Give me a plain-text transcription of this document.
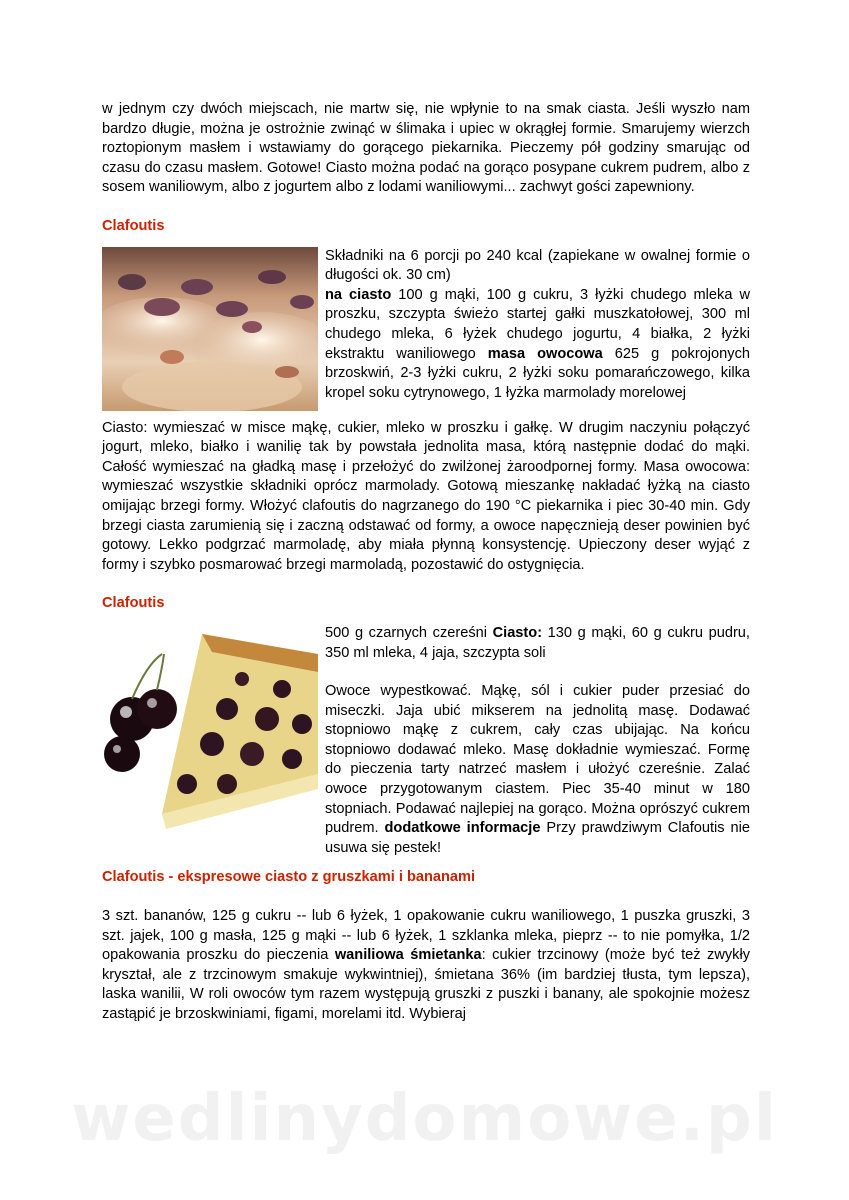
w jednym czy dwóch miejscach, nie martw się, nie wpłynie to na smak ciasta. Jeśli wyszło nam bardzo długie, można je ostrożnie zwinąć w ślimaka i upiec w okrągłej formie. Smarujemy wierzch roztopionym masłem i wstawiamy do gorącego piekarnika. Pieczemy pół godziny smarując od czasu do czasu masłem. Gotowe! Ciasto można podać na gorąco posypane cukrem pudrem, albo z sosem waniliowym, albo z jogurtem albo z lodami waniliowymi... zachwyt gości zapewniony.

Clafoutis

Składniki na 6 porcji po 240 kcal (zapiekane w owalnej formie o długości ok. 30 cm)

na ciasto 100 g mąki, 100 g cukru, 3 łyżki chudego mleka w proszku, szczypta świeżo startej gałki muszkatołowej, 300 ml chudego mleka, 6 łyżek chudego jogurtu, 4 białka, 2 łyżki ekstraktu waniliowego masa owocowa 625 g pokrojonych brzoskwiń, 2-3 łyżki cukru, 2 łyżki soku pomarańczowego, kilka kropel soku cytrynowego, 1 łyżka marmolady morelowej

Ciasto: wymieszać w misce mąkę, cukier, mleko w proszku i gałkę. W drugim naczyniu połączyć jogurt, mleko, białko i wanilię tak by powstała jednolita masa, którą następnie dodać do mąki. Całość wymieszać na gładką masę i przełożyć do zwilżonej żaroodpornej formy. Masa owocowa: wymieszać wszystkie składniki oprócz marmolady. Gotową mieszankę nakładać łyżką na ciasto omijając brzegi formy. Włożyć clafoutis do nagrzanego do 190 °C piekarnika i piec 30-40 min. Gdy brzegi ciasta zarumienią się i zaczną odstawać od formy, a owoce napęcznieją deser powinien być gotowy. Lekko podgrzać marmoladę, aby miała płynną konsystencję. Upieczony deser wyjąć z formy i szybko posmarować brzegi marmoladą, pozostawić do ostygnięcia.

Clafoutis

500 g czarnych czereśni Ciasto: 130 g mąki, 60 g cukru pudru, 350 ml mleka, 4 jaja, szczypta soli

Owoce wypestkować. Mąkę, sól i cukier puder przesiać do miseczki. Jaja ubić mikserem na jednolitą masę. Dodawać stopniowo mąkę z cukrem, cały czas ubijając. Na końcu stopniowo dodawać mleko. Masę dokładnie wymieszać. Formę do pieczenia tarty natrzeć masłem i ułożyć czereśnie. Zalać owoce przygotowanym ciastem. Piec 35-40 minut w 180 stopniach. Podawać najlepiej na gorąco. Można oprószyć cukrem pudrem. dodatkowe informacje Przy prawdziwym Clafoutis nie usuwa się pestek!

Clafoutis - ekspresowe ciasto z gruszkami i bananami

3 szt. bananów, 125 g cukru -- lub 6 łyżek, 1 opakowanie cukru waniliowego, 1 puszka gruszki, 3 szt. jajek, 100 g masła, 125 g mąki -- lub 6 łyżek, 1 szklanka mleka, pieprz -- to nie pomyłka, 1/2 opakowania proszku do pieczenia waniliowa śmietanka: cukier trzcinowy (może być też zwykły kryształ, ale z trzcinowym smakuje wykwintniej), śmietana 36% (im bardziej tłusta, tym lepsza), laska wanilii, W roli owoców tym razem występują gruszki z puszki i banany, ale spokojnie możesz zastąpić je brzoskwiniami, figami, morelami itd. Wybieraj

wedlinydomowe.pl
